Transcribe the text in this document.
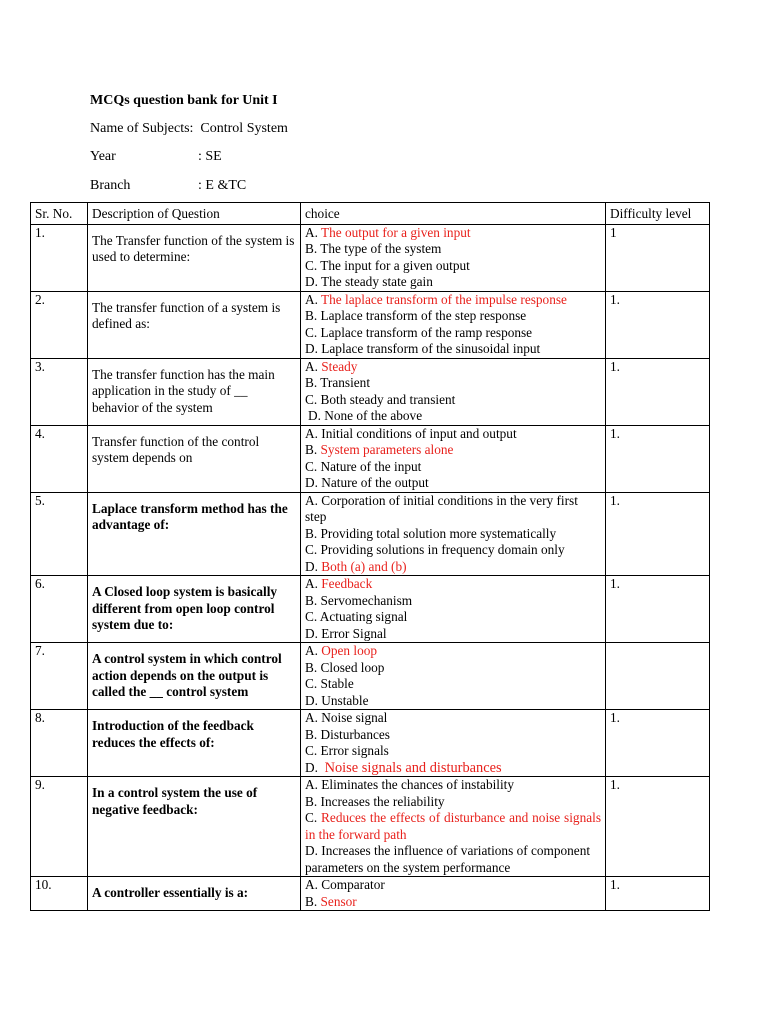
MCQs question bank for Unit I
Name of Subjects: Control System
Year	: SE
Branch	: E &TC
Sr. No.	Description of Question	choice	Difficulty level
1.	The Transfer function of the system is used to determine:	A. The output for a given input
B. The type of the system
C. The input for a given output
D. The steady state gain	1
2.	The transfer function of a system is defined as:	A. The laplace transform of the impulse response
B. Laplace transform of the step response
C. Laplace transform of the ramp response
D. Laplace transform of the sinusoidal input	1.
3.	The transfer function has the main application in the study of __ behavior of the system	A. Steady
B. Transient
C. Both steady and transient
D. None of the above	1.
4.	Transfer function of the control system depends on	A. Initial conditions of input and output
B. System parameters alone
C. Nature of the input
D. Nature of the output	1.
5.	Laplace transform method has the advantage of:	A. Corporation of initial conditions in the very first step
B. Providing total solution more systematically
C. Providing solutions in frequency domain only
D. Both (a) and (b)	1.
6.	A Closed loop system is basically different from open loop control system due to:	A. Feedback
B. Servomechanism
C. Actuating signal
D. Error Signal	1.
7.	A control system in which control action depends on the output is called the __ control system	A. Open loop
B. Closed loop
C. Stable
D. Unstable	

8.	Introduction of the feedback reduces the effects of:	A. Noise signal
B. Disturbances
C. Error signals
D.  Noise signals and disturbances	1.
9.	In a control system the use of negative feedback:	A. Eliminates the chances of instability
B. Increases the reliability
C. Reduces the effects of disturbance and noise signals in the forward path
D. Increases the influence of variations of component parameters on the system performance	1.
10.	A controller essentially is a:	A. Comparator
B. Sensor	1.
